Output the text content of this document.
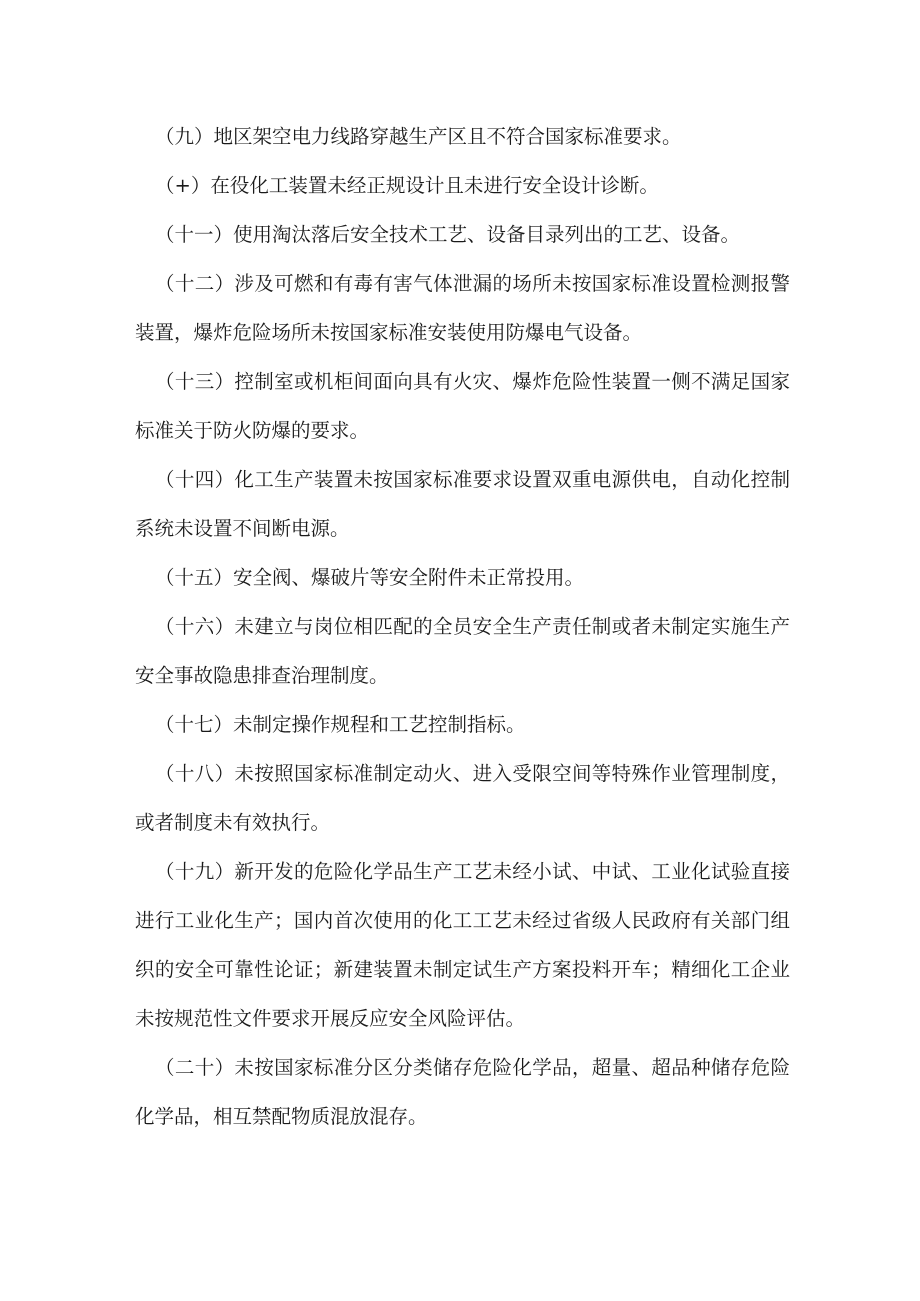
（九）地区架空电力线路穿越生产区且不符合国家标准要求。

（+）在役化工装置未经正规设计且未进行安全设计诊断。

（十一）使用淘汰落后安全技术工艺、设备目录列出的工艺、设备。

（十二）涉及可燃和有毒有害气体泄漏的场所未按国家标准设置检测报警装置，爆炸危险场所未按国家标准安装使用防爆电气设备。

（十三）控制室或机柜间面向具有火灾、爆炸危险性装置一侧不满足国家标准关于防火防爆的要求。

（十四）化工生产装置未按国家标准要求设置双重电源供电，自动化控制系统未设置不间断电源。

（十五）安全阀、爆破片等安全附件未正常投用。

（十六）未建立与岗位相匹配的全员安全生产责任制或者未制定实施生产安全事故隐患排查治理制度。

（十七）未制定操作规程和工艺控制指标。

（十八）未按照国家标准制定动火、进入受限空间等特殊作业管理制度，或者制度未有效执行。

（十九）新开发的危险化学品生产工艺未经小试、中试、工业化试验直接进行工业化生产；国内首次使用的化工工艺未经过省级人民政府有关部门组织的安全可靠性论证；新建装置未制定试生产方案投料开车；精细化工企业未按规范性文件要求开展反应安全风险评估。

（二十）未按国家标准分区分类储存危险化学品，超量、超品种储存危险化学品，相互禁配物质混放混存。
